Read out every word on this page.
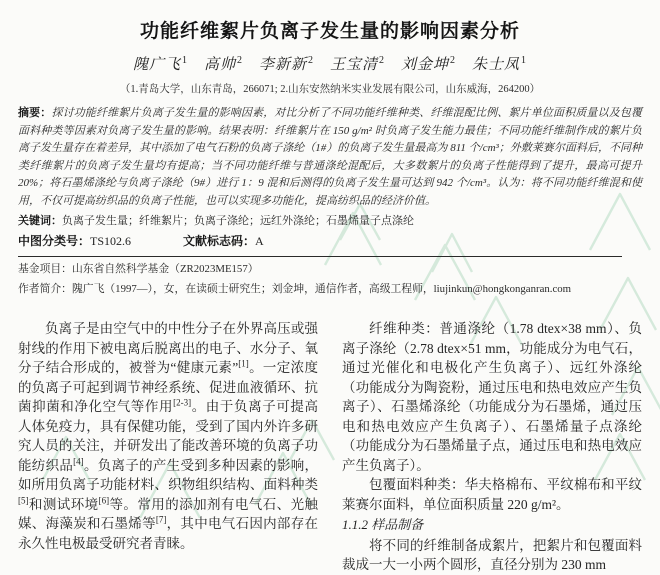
功能纤维絮片负离子发生量的影响因素分析
隗广飞$^1$ 高帅$^2$ 李新新$^2$ 王宝清$^2$ 刘金坤$^2$ 朱士凤$^1$
（1.青岛大学，山东青岛，266071; 2.山东安然纳米实业发展有限公司，山东威海，264200）

摘要：探讨功能纤维絮片负离子发生量的影响因素，对比分析了不同功能纤维种类、纤维混配比例、絮片单位面积质量以及包覆面料种类等因素对负离子发生量的影响。结果表明：纤维絮片在 150 g/m² 时负离子发生能力最佳；不同功能纤维制作成的絮片负离子发生量存在着差异，其中添加了电气石粉的负离子涤纶（1#）的负离子发生量最高为 811 个/cm³；外敷莱赛尔面料后，不同种类纤维絮片的负离子发生量均有提高；当不同功能纤维与普通涤纶混配后，大多数絮片的负离子性能得到了提升，最高可提升 20%；将石墨烯涤纶与负离子涤纶（9#）进行 1：9 混和后测得的负离子发生量可达到 942 个/cm³。认为：将不同功能纤维混和使用，不仅可提高纺织品的负离子性能，也可以实现多功能化，提高纺织品的经济价值。

关键词：负离子发生量；纤维絮片；负离子涤纶；远红外涤纶；石墨烯量子点涤纶

中图分类号：TS102.6	文献标志码：A

基金项目：山东省自然科学基金（ZR2023ME157）

作者简介：隗广飞（1997—），女，在读硕士研究生；刘金坤，通信作者，高级工程师，liujinkun@hongkonganran.com

负离子是由空气中的中性分子在外界高压或强射线的作用下被电离后脱离出的电子、水分子、氧分子结合形成的，被誉为“健康元素”[1]。一定浓度的负离子可起到调节神经系统、促进血液循环、抗菌抑菌和净化空气等作用[2-3]。由于负离子可提高人体免疫力，具有保健功能，受到了国内外许多研究人员的关注，并研发出了能改善环境的负离子功能纺织品[4]。负离子的产生受到多种因素的影响，如所用负离子功能材料、织物组织结构、面料种类[5]和测试环境[6]等。常用的添加剂有电气石、光触媒、海藻炭和石墨烯等[7]，其中电气石因内部存在永久性电极最受研究者青睐。

纤维种类：普通涤纶（1.78 dtex×38 mm）、负离子涤纶（2.78 dtex×51 mm，功能成分为电气石，通过光催化和电极化产生负离子）、远红外涤纶（功能成分为陶瓷粉，通过压电和热电效应产生负离子）、石墨烯涤纶（功能成分为石墨烯，通过压电和热电效应产生负离子）、石墨烯量子点涤纶（功能成分为石墨烯量子点，通过压电和热电效应产生负离子）。

包覆面料种类：华夫格棉布、平纹棉布和平纹莱赛尔面料，单位面积质量 220 g/m²。

1.1.2 样品制备

将不同的纤维制备成絮片，把絮片和包覆面料裁成一大一小两个圆形，直径分别为 230 mm
